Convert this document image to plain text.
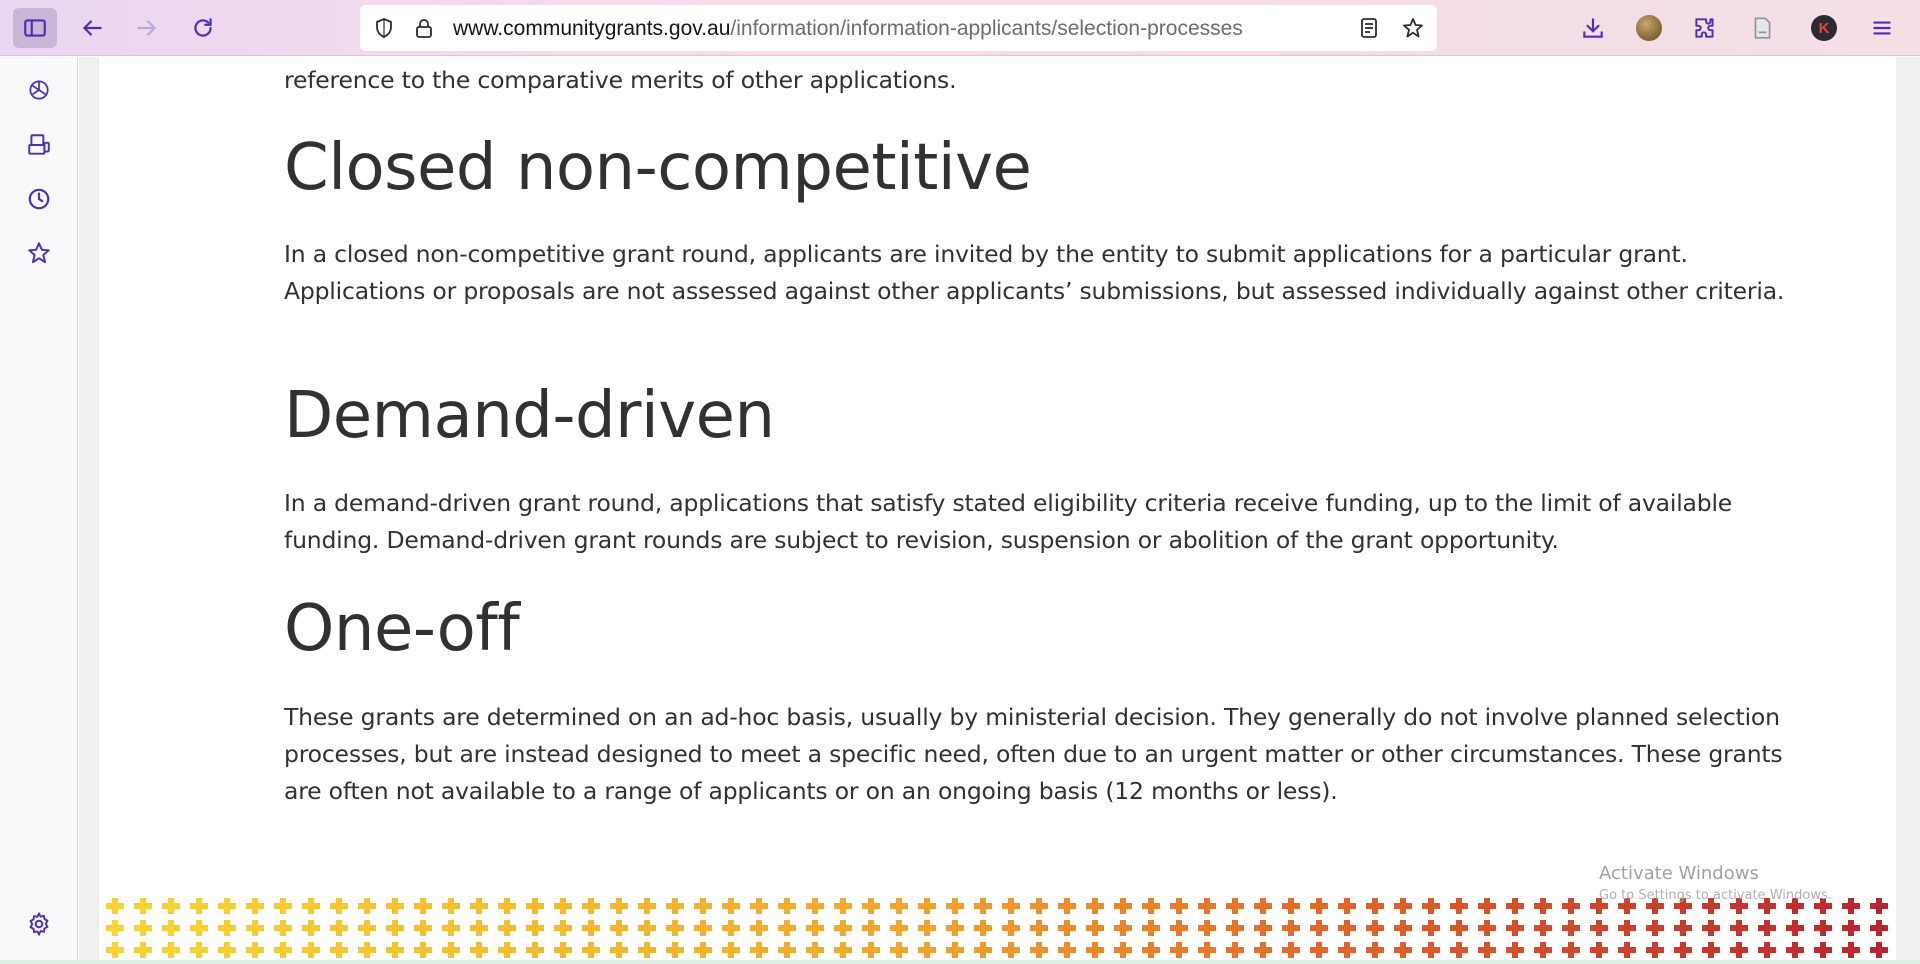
www.communitygrants.gov.au/information/information-applicants/selection-processes	K

reference to the comparative merits of other applications.

Closed non-competitive

In a closed non-competitive grant round, applicants are invited by the entity to submit applications for a particular grant. Applications or proposals are not assessed against other applicants’ submissions, but assessed individually against other criteria.

Demand-driven

In a demand-driven grant round, applications that satisfy stated eligibility criteria receive funding, up to the limit of available funding. Demand-driven grant rounds are subject to revision, suspension or abolition of the grant opportunity.

One-off

These grants are determined on an ad-hoc basis, usually by ministerial decision. They generally do not involve planned selection processes, but are instead designed to meet a specific need, often due to an urgent matter or other circumstances. These grants are often not available to a range of applicants or on an ongoing basis (12 months or less).

Activate Windows
Go to Settings to activate Windows.
